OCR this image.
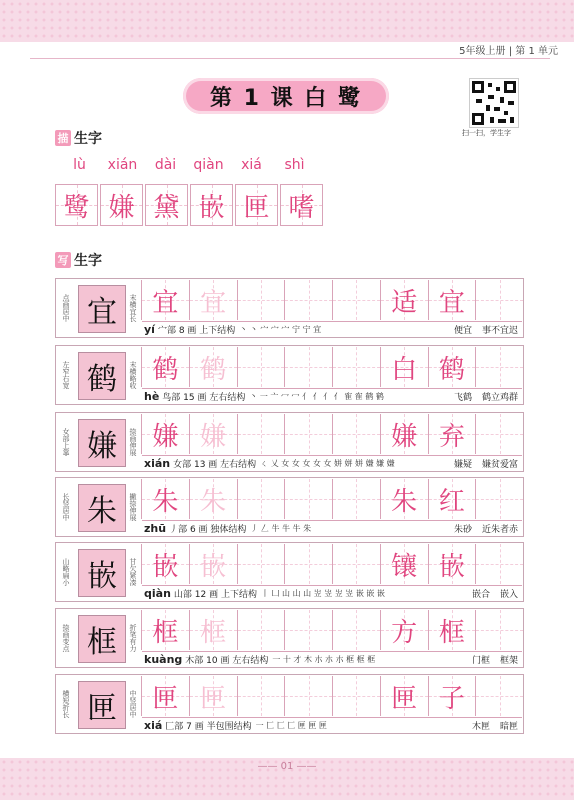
5年级上册 | 第 1 单元
第 1 课 白 鹭
扫一扫，学生字
描 生字
lù	xián	dài	qiàn	xiá	shì
鹭 嫌 黛 嵌 匣 嗜
写 生字
点画居中 宜	末横宜长 宜 宜	适 宜
yí 宀部 8 画 上下结构 丶 丶 宀 宀 宀 宁 宁 宜	便宜 事不宜迟
左窄右宽 鹤	末横略收 鹤 鹤	白 鹤
hè 鸟部 15 画 左右结构 丶 一 亠 冖 冖 亻 亻 亻 亻 隺 隺 鹤 鹤	飞鹤 鹤立鸡群
女部上靠 嫌	捺画伸展 嫌 嫌	嫌 弃
xián 女部 13 画 左右结构 ㄑ 乂 女 女 女 女 女 姘 姘 姘 嫌 嫌 嫌	嫌疑 嫌贫爱富
长竖居中 朱	撇捺伸展 朱 朱	朱 红
zhū 丿部 6 画 独体结构 丿 𠃋 牛 牛 牛 朱	朱砂 近朱者赤
山略扁小 嵌	甘欠紧凑 嵌 嵌	镶 嵌
qiàn 山部 12 画 上下结构 丨 凵 山 山 山 岦 岦 岦 岦 嵌 嵌 嵌	嵌合 嵌入
捺画变点 框	折笔有力 框 框	方 框
kuàng 木部 10 画 左右结构 一 十 才 木 朩 朩 朩 框 框 框	门框 框架
横短折长 匣	中竖居中 匣 匣	匣 子
xiá 匚部 7 画 半包围结构 一 匚 匚 匚 匣 匣 匣	木匣 暗匣
—— 01 ——
